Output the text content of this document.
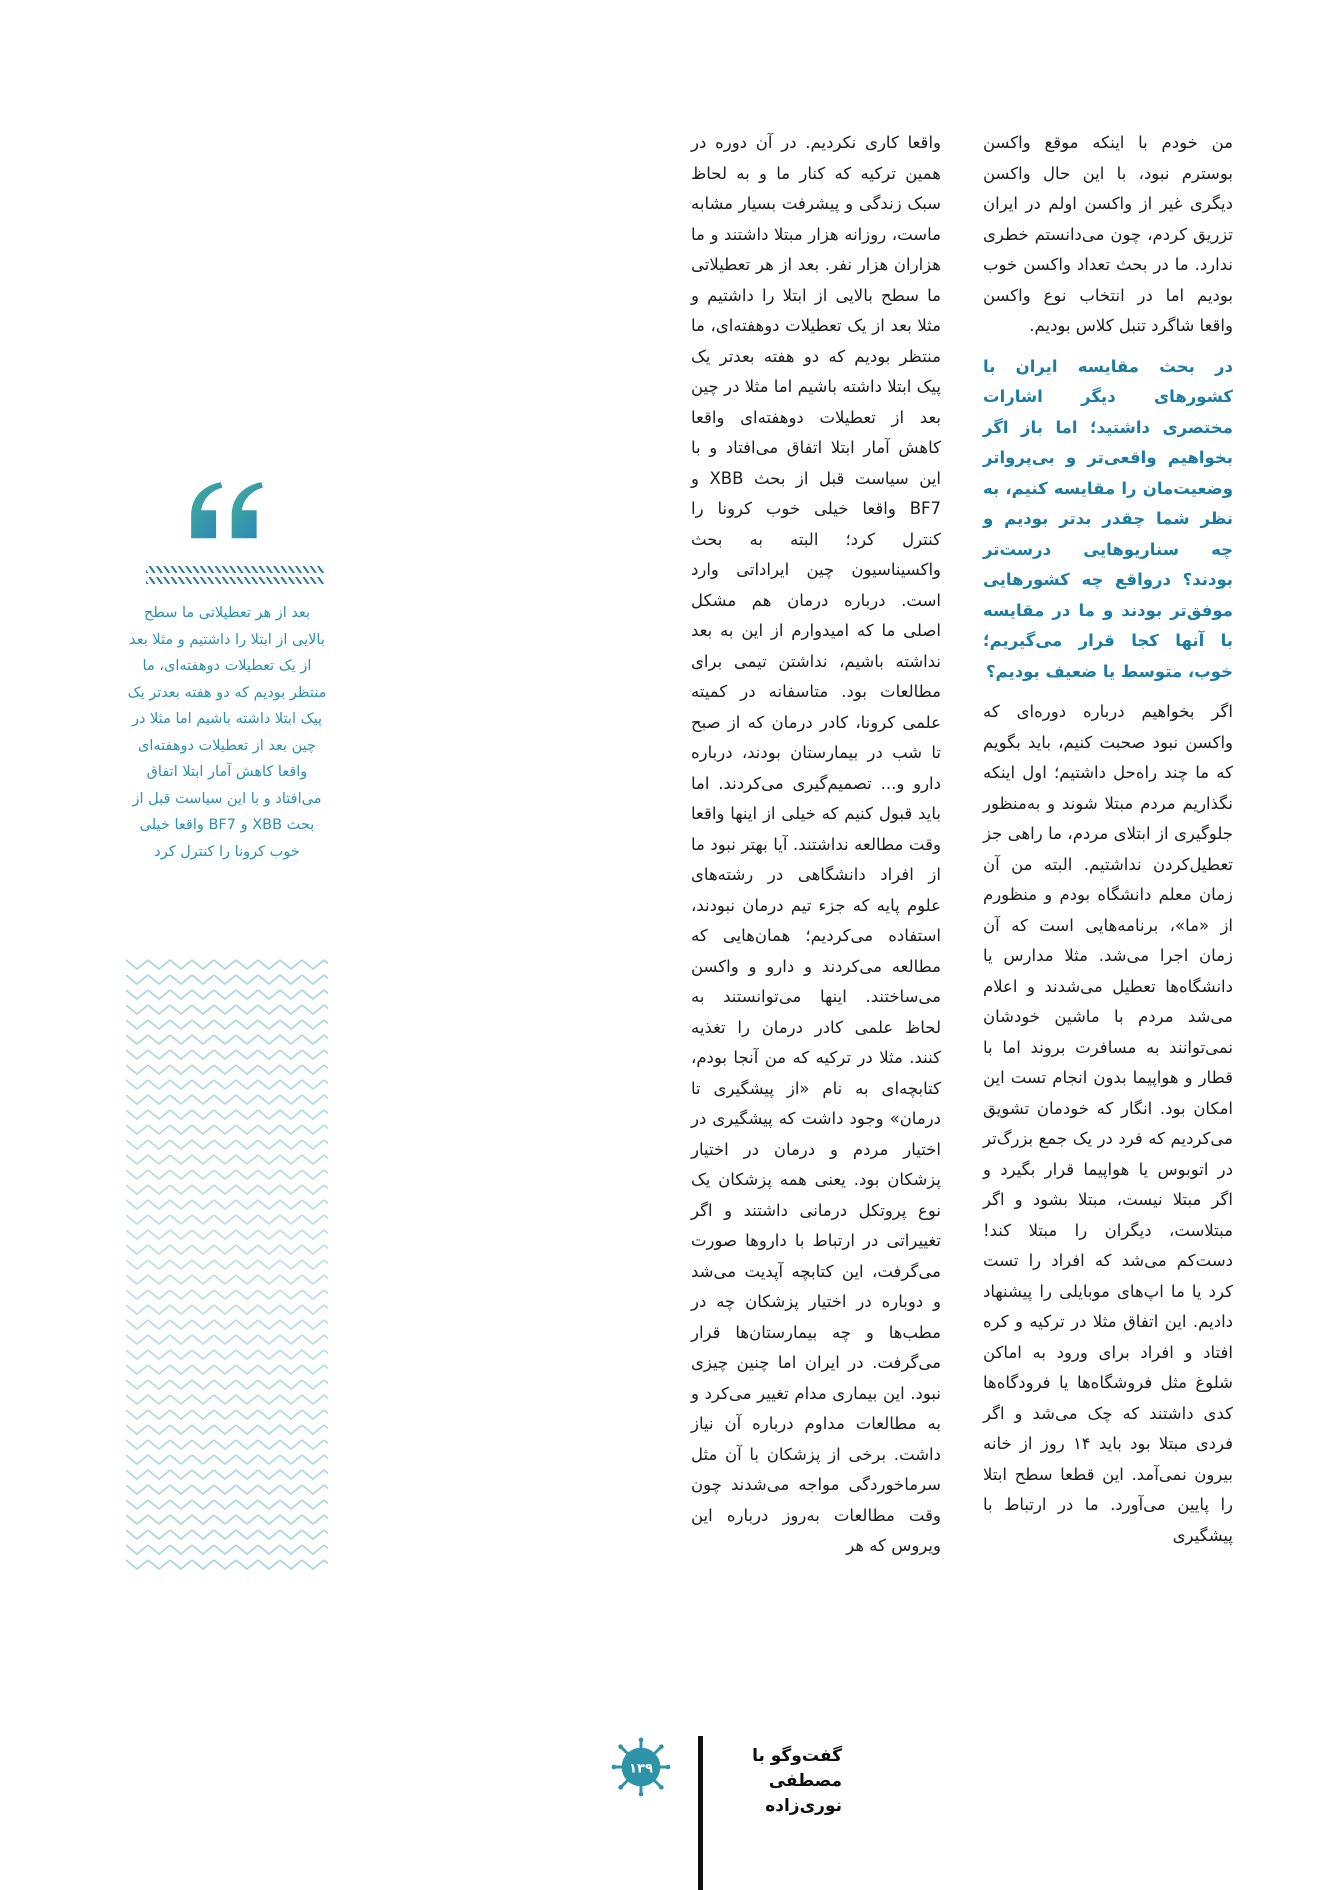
من خودم با اینکه موقع واکسن بوسترم نبود، با این حال واکسن دیگری غیر از واکسن اولم در ایران تزریق کردم، چون می‌دانستم خطری ندارد. ما در بحث تعداد واکسن خوب بودیم اما در انتخاب نوع واکسن واقعا شاگرد تنبل کلاس بودیم.

در بحث مقایسه ایران با کشورهای دیگر اشارات مختصری داشتید؛ اما باز اگر بخواهیم واقعی‌تر و بی‌پرواتر وضعیت‌مان را مقایسه کنیم، به نظر شما چقدر بدتر بودیم و چه سناریوهایی درست‌تر بودند؟ درواقع چه کشورهایی موفق‌تر بودند و ما در مقایسه با آنها کجا قرار می‌گیریم؛ خوب، متوسط یا ضعیف بودیم؟

اگر بخواهیم درباره دوره‌ای که واکسن نبود صحبت کنیم، باید بگویم که ما چند راه‌حل داشتیم؛ اول اینکه نگذاریم مردم مبتلا شوند و به‌منظور جلوگیری از ابتلای مردم، ما راهی جز تعطیل‌کردن نداشتیم. البته من آن زمان معلم دانشگاه بودم و منظورم از «ما»، برنامه‌هایی است که آن زمان اجرا می‌شد. مثلا مدارس یا دانشگاه‌ها تعطیل می‌شدند و اعلام می‌شد مردم با ماشین خودشان نمی‌توانند به مسافرت بروند اما با قطار و هواپیما بدون انجام تست این امکان بود. انگار که خودمان تشویق می‌کردیم که فرد در یک جمع بزرگ‌تر در اتوبوس یا هواپیما قرار بگیرد و اگر مبتلا نیست، مبتلا بشود و اگر مبتلاست، دیگران را مبتلا کند! دست‌کم می‌شد که افراد را تست کرد یا ما اپ‌های موبایلی را پیشنهاد دادیم. این اتفاق مثلا در ترکیه و کره افتاد و افراد برای ورود به اماکن شلوغ مثل فروشگاه‌ها یا فرودگاه‌ها کدی داشتند که چک می‌شد و اگر فردی مبتلا بود باید ۱۴ روز از خانه بیرون نمی‌آمد. این قطعا سطح ابتلا را پایین می‌آورد. ما در ارتباط با پیشگیری

واقعا کاری نکردیم. در آن دوره در همین ترکیه که کنار ما و به لحاظ سبک زندگی و پیشرفت بسیار مشابه ماست، روزانه هزار مبتلا داشتند و ما هزاران هزار نفر. بعد از هر تعطیلاتی ما سطح بالایی از ابتلا را داشتیم و مثلا بعد از یک تعطیلات دوهفته‌ای، ما منتظر بودیم که دو هفته بعدتر یک پیک ابتلا داشته باشیم اما مثلا در چین بعد از تعطیلات دوهفته‌ای واقعا کاهش آمار ابتلا اتفاق می‌افتاد و با این سیاست قبل از بحث XBB و BF7 واقعا خیلی خوب کرونا را کنترل کرد؛ البته به بحث واکسیناسیون چین ایراداتی وارد است. درباره درمان هم مشکل اصلی ما که امیدوارم از این به بعد نداشته باشیم، نداشتن تیمی برای مطالعات بود. متاسفانه در کمیته علمی کرونا، کادر درمان که از صبح تا شب در بیمارستان بودند، درباره دارو و... تصمیم‌گیری می‌کردند. اما باید قبول کنیم که خیلی از اینها واقعا وقت مطالعه نداشتند. آیا بهتر نبود ما از افراد دانشگاهی در رشته‌های علوم پایه که جزء تیم درمان نبودند، استفاده می‌کردیم؛ همان‌هایی که مطالعه می‌کردند و دارو و واکسن می‌ساختند. اینها می‌توانستند به لحاظ علمی کادر درمان را تغذیه کنند. مثلا در ترکیه که من آنجا بودم، کتابچه‌ای به نام «از پیشگیری تا درمان» وجود داشت که پیشگیری در اختیار مردم و درمان در اختیار پزشکان بود. یعنی همه پزشکان یک نوع پروتکل درمانی داشتند و اگر تغییراتی در ارتباط با داروها صورت می‌گرفت، این کتابچه آپدیت می‌شد و دوباره در اختیار پزشکان چه در مطب‌ها و چه بیمارستان‌ها قرار می‌گرفت. در ایران اما چنین چیزی نبود. این بیماری مدام تغییر می‌کرد و به مطالعات مداوم درباره آن نیاز داشت. برخی از پزشکان با آن مثل سرماخوردگی مواجه می‌شدند چون وقت مطالعات به‌روز درباره این ویروس که هر

بعد از هر تعطیلاتی ما سطح بالایی از ابتلا را داشتیم و مثلا بعد از یک تعطیلات دوهفته‌ای، ما منتظر بودیم که دو هفته بعدتر یک پیک ابتلا داشته باشیم اما مثلا در چین بعد از تعطیلات دوهفته‌ای واقعا کاهش آمار ابتلا اتفاق می‌افتاد و با این سیاست قبل از بحث XBB و BF7 واقعا خیلی خوب کرونا را کنترل کرد
۱۳۹
گفت‌وگو با
مصطفی نوری‌زاده
